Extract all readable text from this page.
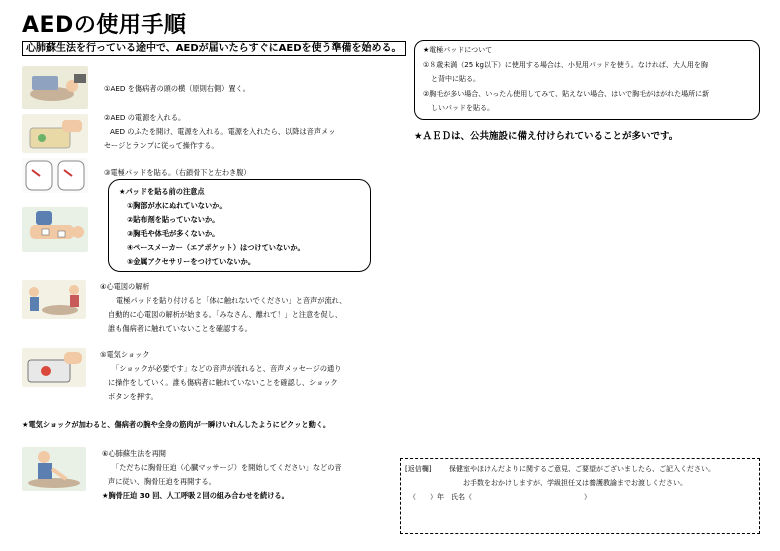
AEDの使用手順
心肺蘇生法を行っている途中で、AEDが届いたらすぐにAEDを使う準備を始める。
①AED を傷病者の頭の横（原則右側）置く。
②AED の電源を入れる。
AED のふたを開け、電源を入れる。電源を入れたら、以降は音声メッ
セージとランプに従って操作する。
③電極パッドを貼る。（右鎖骨下と左わき腹）
★パッドを貼る前の注意点
①胸部が水にぬれていないか。
②貼布剤を貼っていないか。
③胸毛や体毛が多くないか。
④ペースメーカー（エアポケット）はつけていないか。
⑤金属アクセサリーをつけていないか。
④心電図の解析
電極パッドを貼り付けると「体に触れないでください」と音声が流れ、
自動的に心電図の解析が始まる。「みなさん、離れて！」と注意を促し、
誰も傷病者に触れていないことを確認する。
⑤電気ショック
「ショックが必要です」などの音声が流れると、音声メッセージの通り
に操作をしていく。誰も傷病者に触れていないことを確認し、ショック
ボタンを押す。
★電気ショックが加わると、傷病者の腕や全身の筋肉が一瞬けいれんしたようにピクッと動く。
⑥心肺蘇生法を再開
「ただちに胸骨圧迫（心臓マッサージ）を開始してください」などの音
声に従い、胸骨圧迫を再開する。
★胸骨圧迫 30 回、人工呼吸２回の組み合わせを続ける。
★電極パッドについて
①８歳未満（25 kg以下）に使用する場合は、小児用パッドを使う。なければ、大人用を胸
と背中に貼る。
②胸毛が多い場合、いったん使用してみて、貼えない場合、はいで胸毛がはがれた場所に新
しいパッドを貼る。
★ＡＥＤは、公共施設に備え付けられていることが多いです。
[返信欄]	保健室やほけんだよりに関するご意見、ご要望がございましたら、ご記入ください。
お手数をおかけしますが、学級担任又は養護教諭までお渡しください。
（　　）年　氏名（　　　　　　　　　　　　　　　　）
